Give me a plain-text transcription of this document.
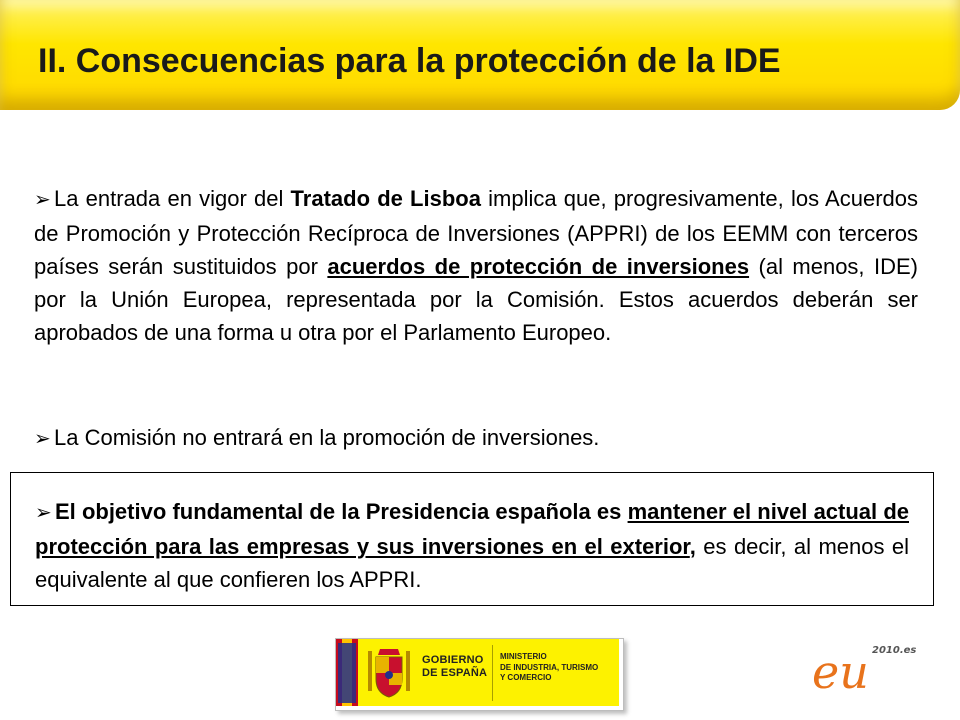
II. Consecuencias para la protección de la IDE

➢ La entrada en vigor del Tratado de Lisboa implica que, progresivamente, los Acuerdos de Promoción y Protección Recíproca de Inversiones (APPRI) de los EEMM con terceros países serán sustituidos por acuerdos de protección de inversiones (al menos, IDE) por la Unión Europea, representada por la Comisión. Estos acuerdos deberán ser aprobados de una forma u otra por el Parlamento Europeo.

➢ La Comisión no entrará en la promoción de inversiones.

➢ El objetivo fundamental de la Presidencia española es mantener el nivel actual de protección para las empresas y sus inversiones en el exterior, es decir, al menos el equivalente al que confieren los APPRI.

GOBIERNO
DE ESPAÑA
MINISTERIO
DE INDUSTRIA, TURISMO
Y COMERCIO	eu 2010.es
